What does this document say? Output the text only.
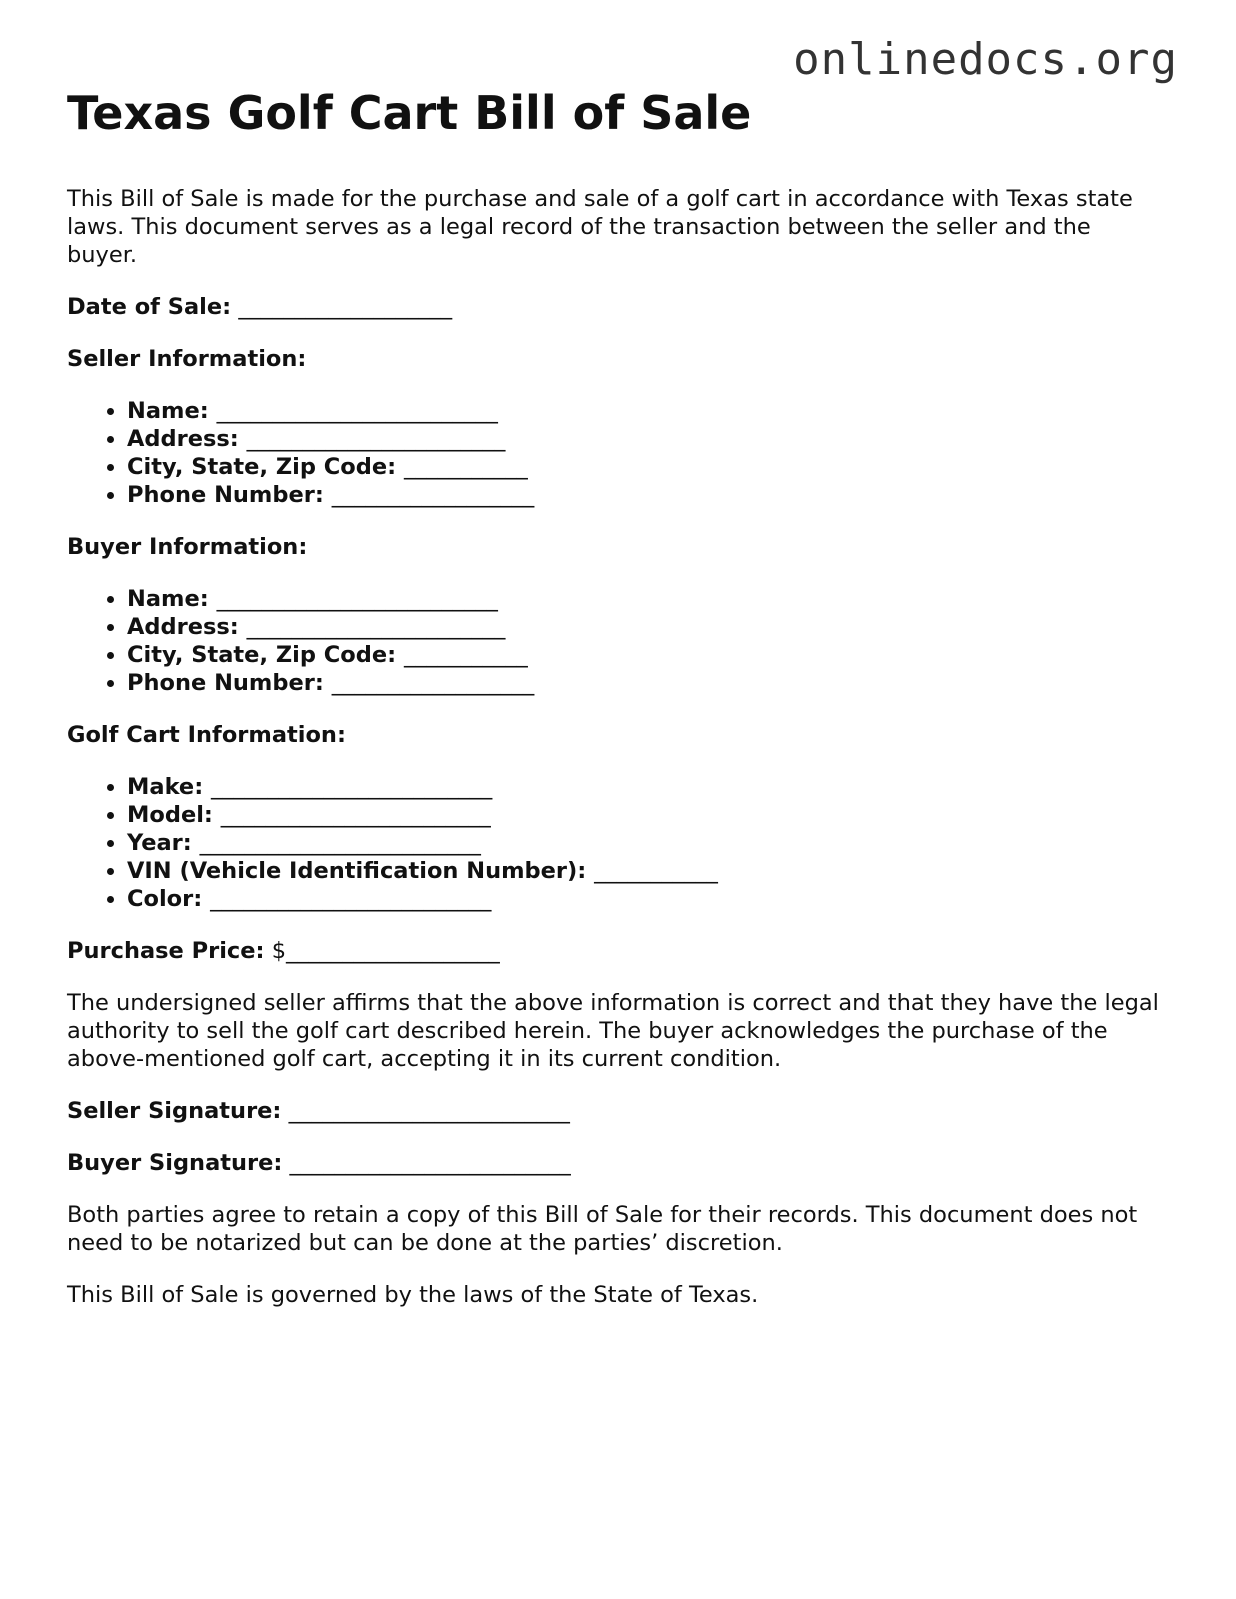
onlinedocs.org
Texas Golf Cart Bill of Sale

This Bill of Sale is made for the purchase and sale of a golf cart in accordance with Texas state laws. This document serves as a legal record of the transaction between the seller and the buyer.

Date of Sale: ___________________

Seller Information:

• Name: _________________________
• Address: _______________________
• City, State, Zip Code: ___________
• Phone Number: __________________

Buyer Information:

• Name: _________________________
• Address: _______________________
• City, State, Zip Code: ___________
• Phone Number: __________________

Golf Cart Information:

• Make: _________________________
• Model: ________________________
• Year: _________________________
• VIN (Vehicle Identification Number): ___________
• Color: _________________________

Purchase Price: $___________________

The undersigned seller affirms that the above information is correct and that they have the legal authority to sell the golf cart described herein. The buyer acknowledges the purchase of the above-mentioned golf cart, accepting it in its current condition.

Seller Signature: _________________________

Buyer Signature: _________________________

Both parties agree to retain a copy of this Bill of Sale for their records. This document does not need to be notarized but can be done at the parties’ discretion.

This Bill of Sale is governed by the laws of the State of Texas.
